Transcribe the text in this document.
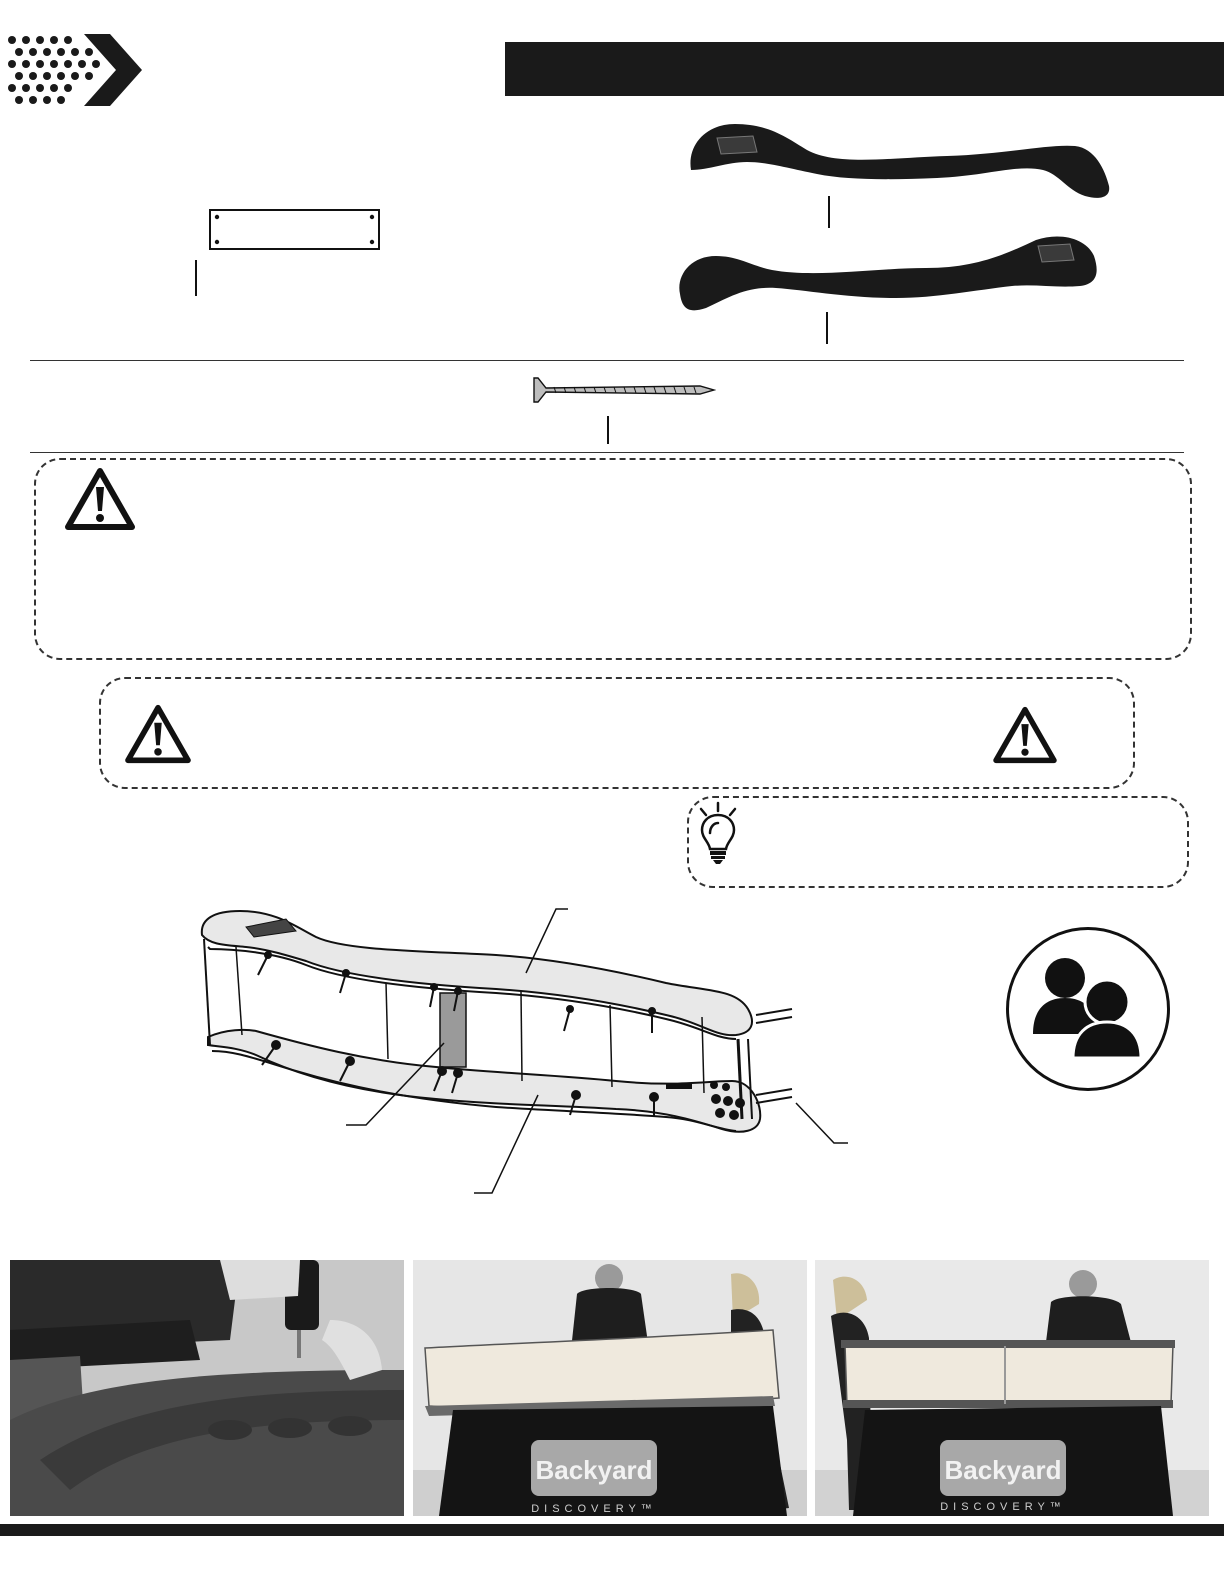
Backyard
DISCOVERY™
Backyard
DISCOVERY™
